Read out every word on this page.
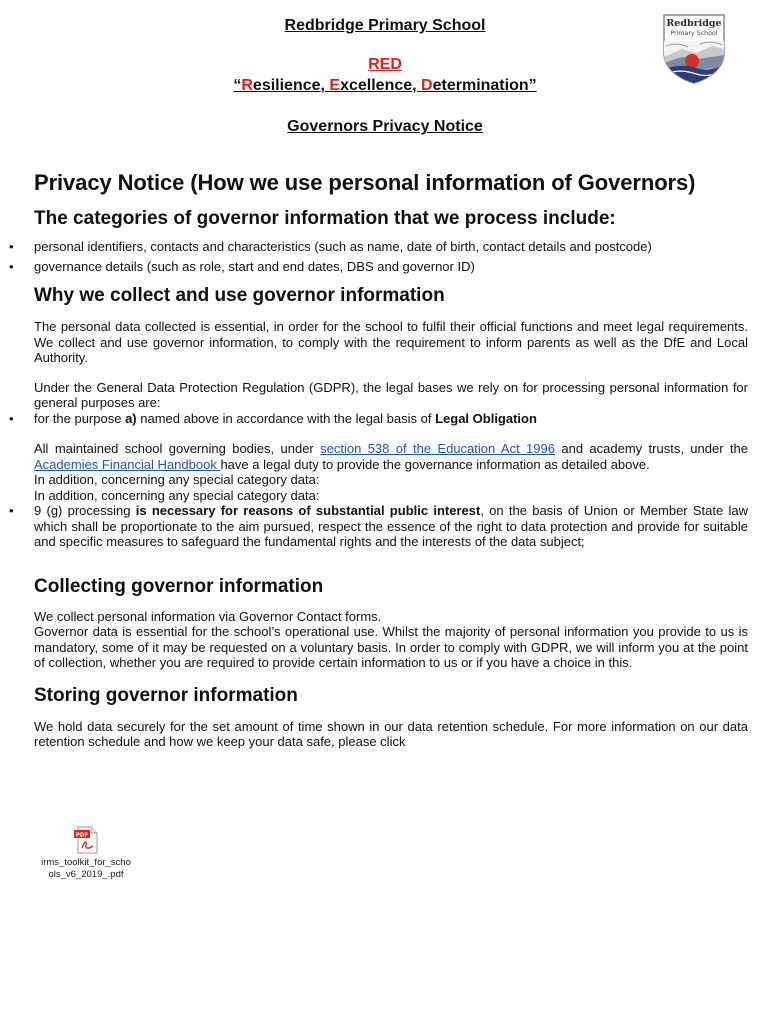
Redbridge Primary School
RED
“Resilience, Excellence, Determination”
Governors Privacy Notice
Redbridge
Primary School
Privacy Notice (How we use personal information of Governors)
The categories of governor information that we process include:
• personal identifiers, contacts and characteristics (such as name, date of birth, contact details and postcode)
• governance details (such as role, start and end dates, DBS and governor ID)
Why we collect and use governor information

The personal data collected is essential, in order for the school to fulfil their official functions and meet legal requirements. We collect and use governor information, to comply with the requirement to inform parents as well as the DfE and Local Authority.

Under the General Data Protection Regulation (GDPR), the legal bases we rely on for processing personal information for general purposes are:

• for the purpose a) named above in accordance with the legal basis of Legal Obligation

All maintained school governing bodies, under section 538 of the Education Act 1996 and academy trusts, under the Academies Financial Handbook have a legal duty to provide the governance information as detailed above.

In addition, concerning any special category data:

In addition, concerning any special category data:

• 9 (g) processing is necessary for reasons of substantial public interest, on the basis of Union or Member State law which shall be proportionate to the aim pursued, respect the essence of the right to data protection and provide for suitable and specific measures to safeguard the fundamental rights and the interests of the data subject;
Collecting governor information

We collect personal information via Governor Contact forms.

Governor data is essential for the school’s operational use. Whilst the majority of personal information you provide to us is mandatory, some of it may be requested on a voluntary basis. In order to comply with GDPR, we will inform you at the point of collection, whether you are required to provide certain information to us or if you have a choice in this.

Storing governor information

We hold data securely for the set amount of time shown in our data retention schedule. For more information on our data retention schedule and how we keep your data safe, please click

PDF
irms_toolkit_for_scho
ols_v6_2019_.pdf
